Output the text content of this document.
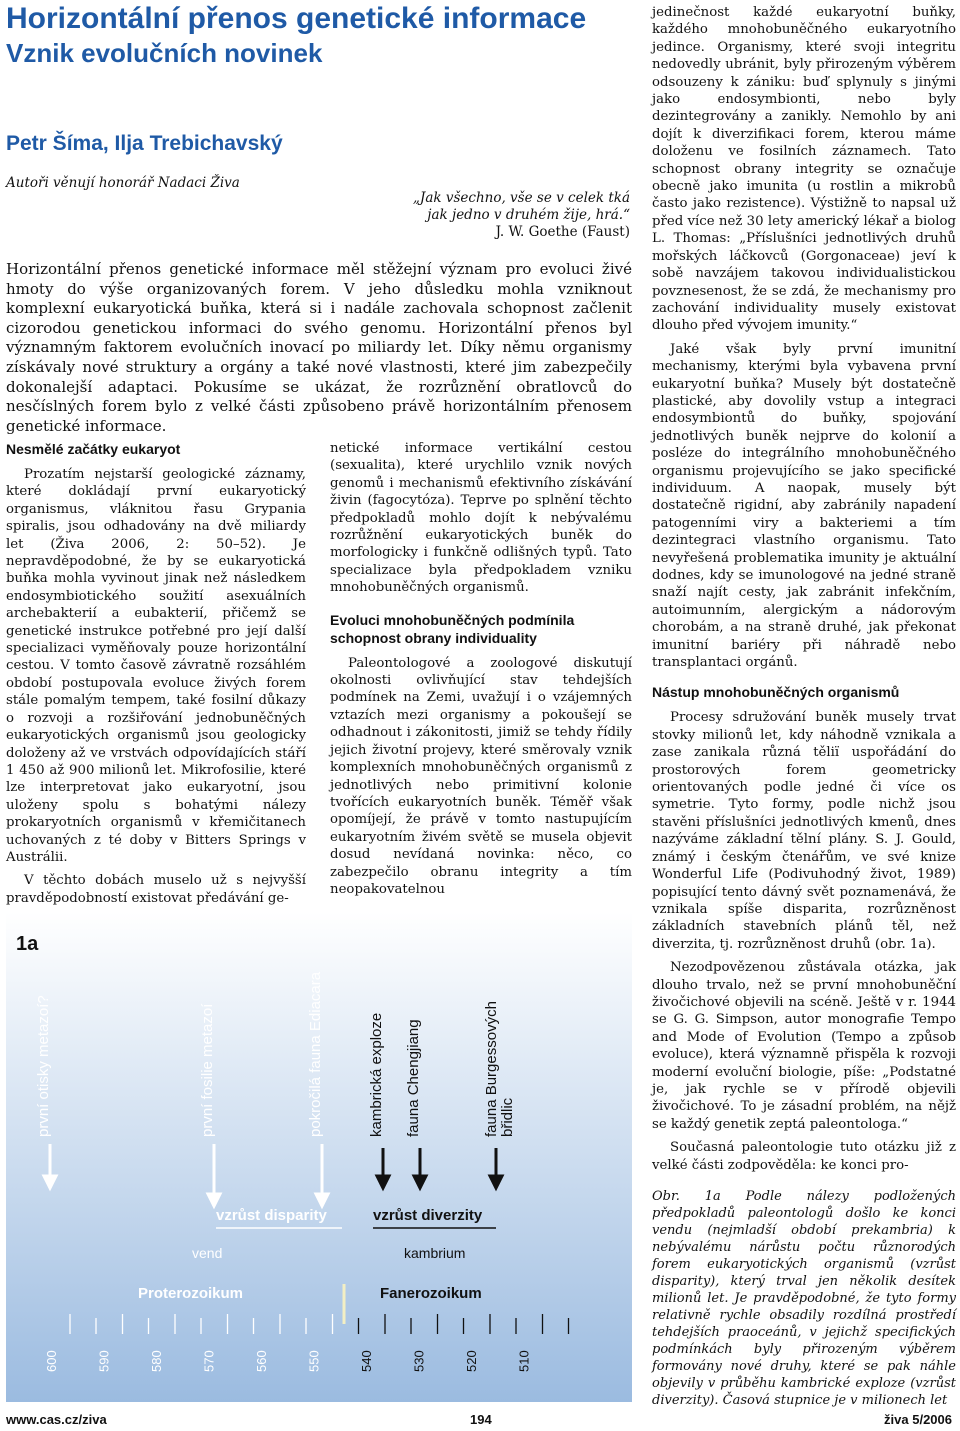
Horizontální přenos genetické informace
Vznik evolučních novinek
Petr Šíma, Ilja Trebichavský
Autoři věnují honorář Nadaci Živa
„Jak všechno, vše se v celek tká
jak jedno v druhém žije, hrá.“
J. W. Goethe (Faust)
Horizontální přenos genetické informace měl stěžejní význam pro evoluci živé hmoty do výše organizovaných forem. V jeho důsledku mohla vzniknout komplexní eukaryotická buňka, která si i nadále zachovala schopnost začlenit cizorodou genetickou informaci do svého genomu. Horizontální přenos byl významným faktorem evolučních inovací po miliardy let. Díky němu organismy získávaly nové struktury a orgány a také nové vlastnosti, které jim zabezpečily dokonalejší adaptaci. Pokusíme se ukázat, že rozrůznění obratlovců do nesčíslných forem bylo z velké části způsobeno právě horizontálním přenosem genetické informace.
Nesmělé začátky eukaryot

Prozatím nejstarší geologické záznamy, které dokládají první eukaryotický organismus, vláknitou řasu Grypania spiralis, jsou odhadovány na dvě miliardy let (Živa 2006, 2: 50–52). Je nepravděpodobné, že by se eukaryotická buňka mohla vyvinout jinak než následkem endosymbiotického soužití asexuálních archebakterií a eubakterií, přičemž se genetické instrukce potřebné pro její další specializaci vyměňovaly pouze horizontální cestou. V tomto časově závratně rozsáhlém období postupovala evoluce živých forem stále pomalým tempem, také fosilní důkazy o rozvoji a rozšiřování jednobuněčných eukaryotických organismů jsou geologicky doloženy až ve vrstvách odpovídajících stáří 1 450 až 900 milionů let. Mikrofosilie, které lze interpretovat jako eukaryotní, jsou uloženy spolu s bohatými nálezy prokaryotních organismů v křemičitanech uchovaných z té doby v Bitters Springs v Austrálii.

V těchto dobách muselo už s nejvyšší pravděpodobností existovat předávání ge-

netické informace vertikální cestou (sexualita), které urychlilo vznik nových genomů i mechanismů efektivního získávání živin (fagocytóza). Teprve po splnění těchto předpokladů mohlo dojít k nebývalému rozrůžnění eukaryotických buněk do morfologicky i funkčně odlišných typů. Tato specializace byla předpokladem vzniku mnohobuněčných organismů.

Evoluci mnohobuněčných podmínila schopnost obrany individuality

Paleontologové a zoologové diskutují okolnosti ovlivňující stav tehdejších podmínek na Zemi, uvažují i o vzájemných vztazích mezi organismy a pokoušejí se odhadnout i zákonitosti, jimiž se tehdy řídily jejich životní projevy, které směrovaly vznik komplexních mnohobuněčných organismů z jednotlivých nebo primitivní kolonie tvořících eukaryotních buněk. Téměř však opomíjejí, že právě v tomto nastupujícím eukaryotním živém světě se musela objevit dosud nevídaná novinka: něco, co zabezpečilo obranu integrity a tím neopakovatelnou

jedinečnost každé eukaryotní buňky, každého mnohobuněčného eukaryotního jedince. Organismy, které svoji integritu nedovedly ubránit, byly přirozeným výběrem odsouzeny k zániku: buď splynuly s jinými jako endosymbionti, nebo byly dezintegrovány a zanikly. Nemohlo by ani dojít k diverzifikaci forem, kterou máme doloženu ve fosilních záznamech. Tato schopnost obrany integrity se označuje obecně jako imunita (u rostlin a mikrobů často jako rezistence). Výstižně to napsal už před více než 30 lety americký lékař a biolog L. Thomas: „Příslušníci jednotlivých druhů mořských láčkovců (Gorgonaceae) jeví k sobě navzájem takovou individualistickou povznesenost, že se zdá, že mechanismy pro zachování individuality musely existovat dlouho před vývojem imunity.“

Jaké však byly první imunitní mechanismy, kterými byla vybavena první eukaryotní buňka? Musely být dostatečně plastické, aby dovolily vstup a integraci endosymbiontů do buňky, spojování jednotlivých buněk nejprve do kolonií a posléze do integrálního mnohobuněčného organismu projevujícího se jako specifické individuum. A naopak, musely být dostatečně rigidní, aby zabránily napadení patogenními viry a bakteriemi a tím dezintegraci vlastního organismu. Tato nevyřešená problematika imunity je aktuální dodnes, kdy se imunologové na jedné straně snaží najít cesty, jak zabránit infekčním, autoimunním, alergickým a nádorovým chorobám, a na straně druhé, jak překonat imunitní bariéry při náhradě nebo transplantaci orgánů.

Nástup mnohobuněčných organismů

Procesy sdružování buněk musely trvat stovky milionů let, kdy náhodně vznikala a zase zanikala různá těliï uspořádání do prostorových forem geometricky orientovaných podle jedné či více os symetrie. Tyto formy, podle nichž jsou stavěni příslušníci jednotlivých kmenů, dnes nazýváme základní tělní plány. S. J. Gould, známý i českým čtenářům, ve své knize Wonderful Life (Podivuhodný život, 1989) popisující tento dávný svět poznamenává, že vznikala spíše disparita, rozrůzněnost základních stavebních plánů těl, než diverzita, tj. rozrůzněnost druhů (obr. 1a).

Nezodpovězenou zůstávala otázka, jak dlouho trvalo, než se první mnohobuněční živočichové objevili na scéně. Ještě v r. 1944 se G. G. Simpson, autor monografie Tempo and Mode of Evolution (Tempo a způsob evoluce), která významně přispěla k rozvoji moderní evoluční biologie, píše: „Podstatné je, jak rychle se v přírodě objevili živočichové. To je zásadní problém, na nějž se každý genetik zeptá paleontologa.“

Současná paleontologie tuto otázku již z velké části zodpověděla: ke konci pro-

Obr. 1a Podle nálezy podložených předpokladů paleontologů došlo ke konci vendu (nejmladší období prekambria) k nebývalému nárůstu počtu různorodých forem eukaryotických organismů (vzrůst disparity), který trval jen několik desítek milionů let. Je pravděpodobné, že tyto formy relativně rychle obsadily rozdílná prostředí tehdejších praoceánů, v jejichž specifických podmínkách byly přirozeným výběrem formovány nové druhy, které se pak náhle objevily v průběhu kambrické exploze (vzrůst diverzity). Časová stupnice je v milionech let
1a
první otisky metazoí?	první fosilie metazoí	pokročilá fauna Ediacara	kambrická exploze fauna Chengjiang	fauna Burgessových břidlic
vzrůst disparity	vzrůst diverzity
vend	kambrium
Proterozoikum	Fanerozoikum
600	590	580	570	560	550	540	530	520	510
www.cas.cz/ziva	194	živa 5/2006
